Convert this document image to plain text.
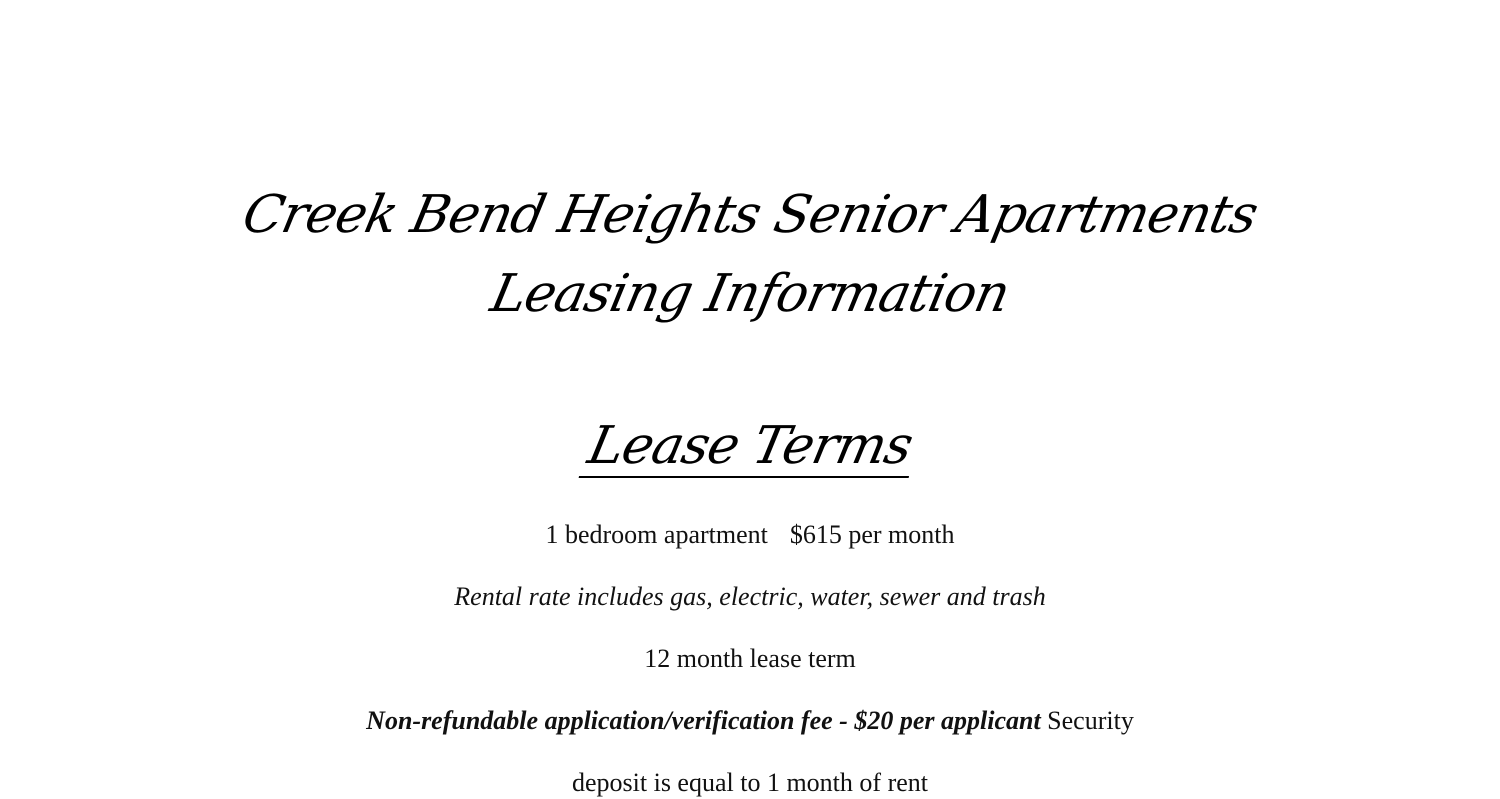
Creek Bend Heights Senior Apartments
Leasing Information
Lease Terms
1 bedroom apartment $615 per month
Rental rate includes gas, electric, water, sewer and trash
12 month lease term
Non-refundable application/verification fee - $20 per applicant Security
deposit is equal to 1 month of rent
